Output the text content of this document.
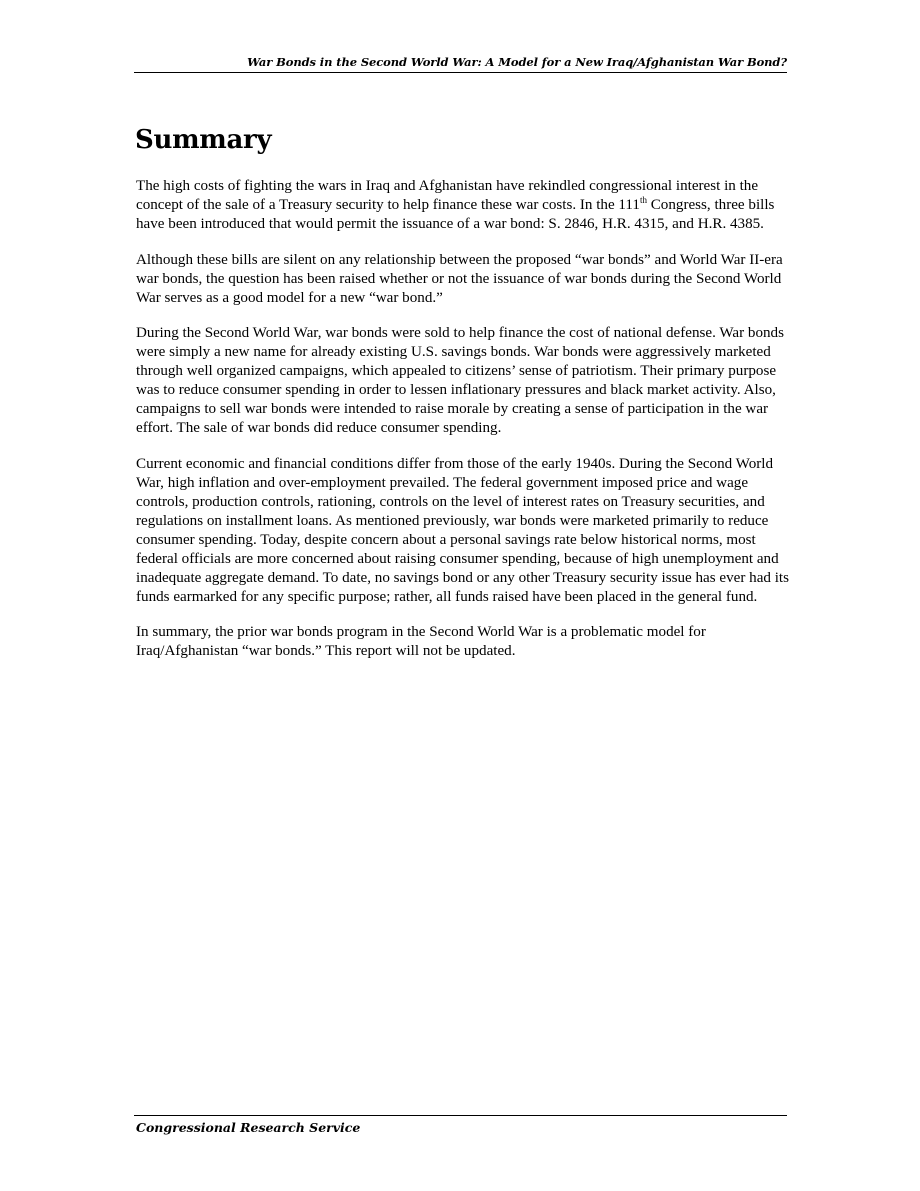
War Bonds in the Second World War: A Model for a New Iraq/Afghanistan War Bond?
Summary

The high costs of fighting the wars in Iraq and Afghanistan have rekindled congressional interest in the concept of the sale of a Treasury security to help finance these war costs. In the 111th Congress, three bills have been introduced that would permit the issuance of a war bond: S. 2846, H.R. 4315, and H.R. 4385.

Although these bills are silent on any relationship between the proposed “war bonds” and World War II-era war bonds, the question has been raised whether or not the issuance of war bonds during the Second World War serves as a good model for a new “war bond.”

During the Second World War, war bonds were sold to help finance the cost of national defense. War bonds were simply a new name for already existing U.S. savings bonds. War bonds were aggressively marketed through well organized campaigns, which appealed to citizens’ sense of patriotism. Their primary purpose was to reduce consumer spending in order to lessen inflationary pressures and black market activity. Also, campaigns to sell war bonds were intended to raise morale by creating a sense of participation in the war effort. The sale of war bonds did reduce consumer spending.

Current economic and financial conditions differ from those of the early 1940s. During the Second World War, high inflation and over-employment prevailed. The federal government imposed price and wage controls, production controls, rationing, controls on the level of interest rates on Treasury securities, and regulations on installment loans. As mentioned previously, war bonds were marketed primarily to reduce consumer spending. Today, despite concern about a personal savings rate below historical norms, most federal officials are more concerned about raising consumer spending, because of high unemployment and inadequate aggregate demand. To date, no savings bond or any other Treasury security issue has ever had its funds earmarked for any specific purpose; rather, all funds raised have been placed in the general fund.

In summary, the prior war bonds program in the Second World War is a problematic model for Iraq/Afghanistan “war bonds.” This report will not be updated.

Congressional Research Service
